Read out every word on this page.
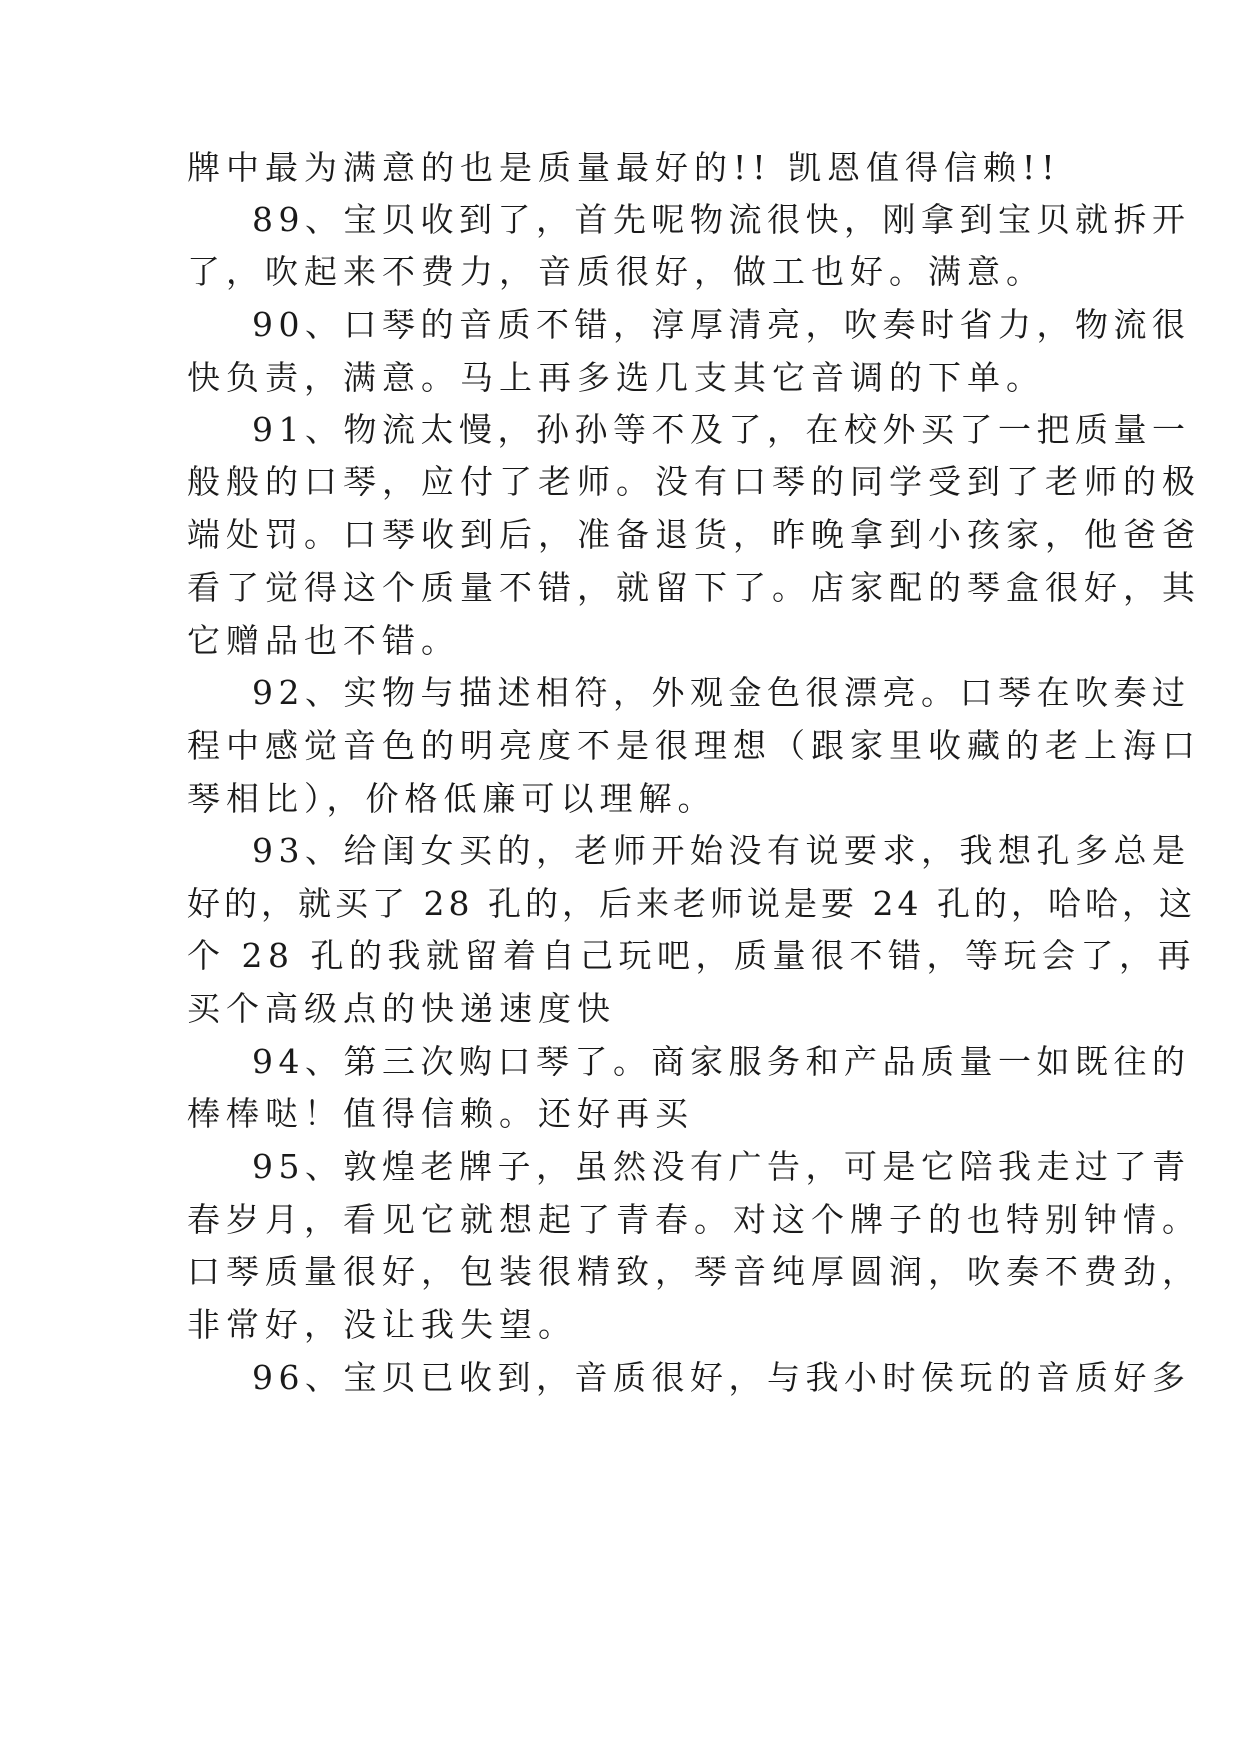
牌中最为满意的也是质量最好的!! 凯恩值得信赖!!
89、宝贝收到了，首先呢物流很快，刚拿到宝贝就拆开
了，吹起来不费力，音质很好，做工也好。满意。
90、口琴的音质不错，淳厚清亮，吹奏时省力，物流很
快负责，满意。马上再多选几支其它音调的下单。
91、物流太慢，孙孙等不及了，在校外买了一把质量一
般般的口琴，应付了老师。没有口琴的同学受到了老师的极
端处罚。口琴收到后，准备退货，昨晚拿到小孩家，他爸爸
看了觉得这个质量不错，就留下了。店家配的琴盒很好，其
它赠品也不错。
92、实物与描述相符，外观金色很漂亮。口琴在吹奏过
程中感觉音色的明亮度不是很理想（跟家里收藏的老上海口
琴相比），价格低廉可以理解。
93、给闺女买的，老师开始没有说要求，我想孔多总是
好的，就买了 28 孔的，后来老师说是要 24 孔的，哈哈，这
个 28 孔的我就留着自己玩吧，质量很不错，等玩会了，再
买个高级点的快递速度快
94、第三次购口琴了。商家服务和产品质量一如既往的
棒棒哒！值得信赖。还好再买
95、敦煌老牌子，虽然没有广告，可是它陪我走过了青
春岁月，看见它就想起了青春。对这个牌子的也特别钟情。
口琴质量很好，包装很精致，琴音纯厚圆润，吹奏不费劲，
非常好，没让我失望。
96、宝贝已收到，音质很好，与我小时侯玩的音质好多
